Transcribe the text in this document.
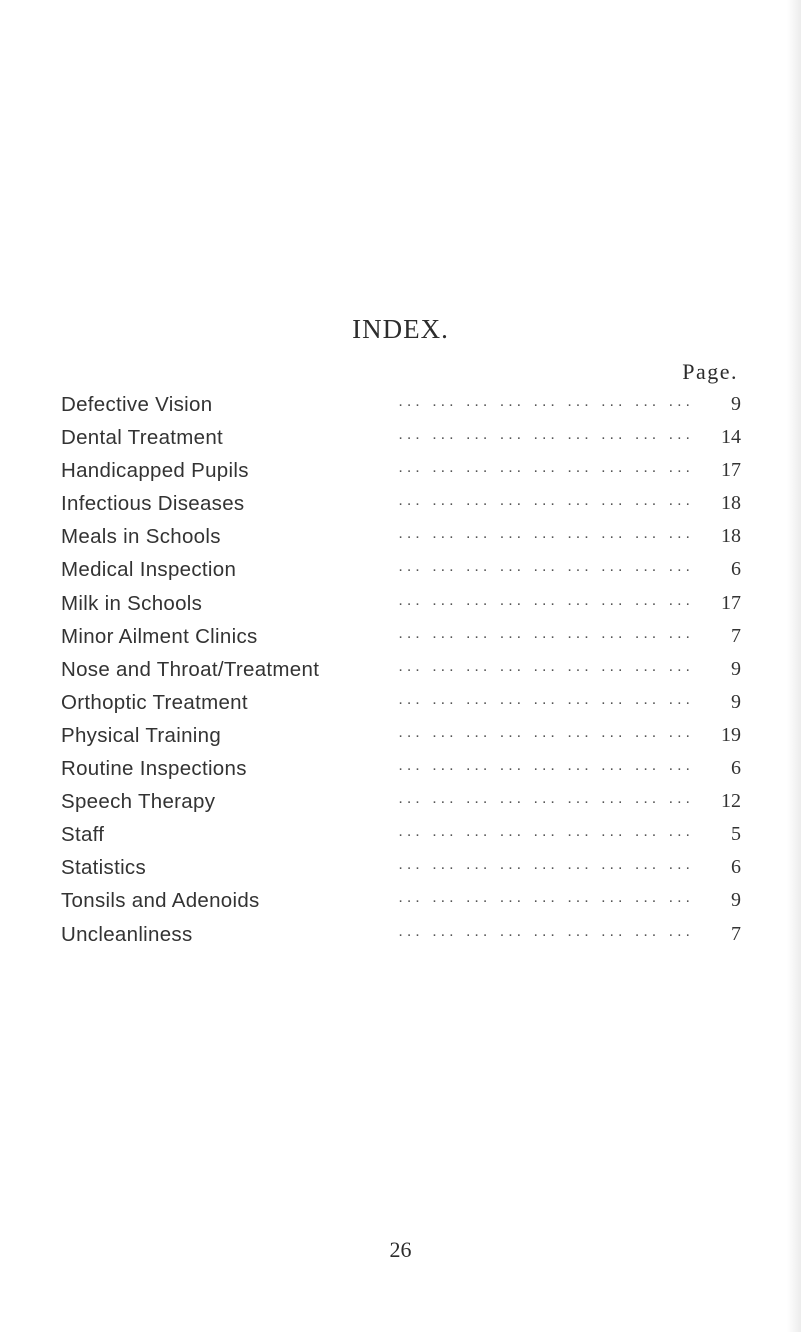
INDEX.
Page.
Defective Vision	... ... ... ... ... ... ... ... ...	9
Dental Treatment	... ... ... ... ... ... ... ... ...	14
Handicapped Pupils	... ... ... ... ... ... ... ... ...	17
Infectious Diseases	... ... ... ... ... ... ... ... ...	18
Meals in Schools	... ... ... ... ... ... ... ... ...	18
Medical Inspection	... ... ... ... ... ... ... ... ...	6
Milk in Schools	... ... ... ... ... ... ... ... ...	17
Minor Ailment Clinics	... ... ... ... ... ... ... ... ...	7
Nose and Throat/Treatment	... ... ... ... ... ... ... ... ...	9
Orthoptic Treatment	... ... ... ... ... ... ... ... ...	9
Physical Training	... ... ... ... ... ... ... ... ...	19
Routine Inspections	... ... ... ... ... ... ... ... ...	6
Speech Therapy	... ... ... ... ... ... ... ... ...	12
Staff	... ... ... ... ... ... ... ... ...	5
Statistics	... ... ... ... ... ... ... ... ...	6
Tonsils and Adenoids	... ... ... ... ... ... ... ... ...	9
Uncleanliness	... ... ... ... ... ... ... ... ...	7
26
